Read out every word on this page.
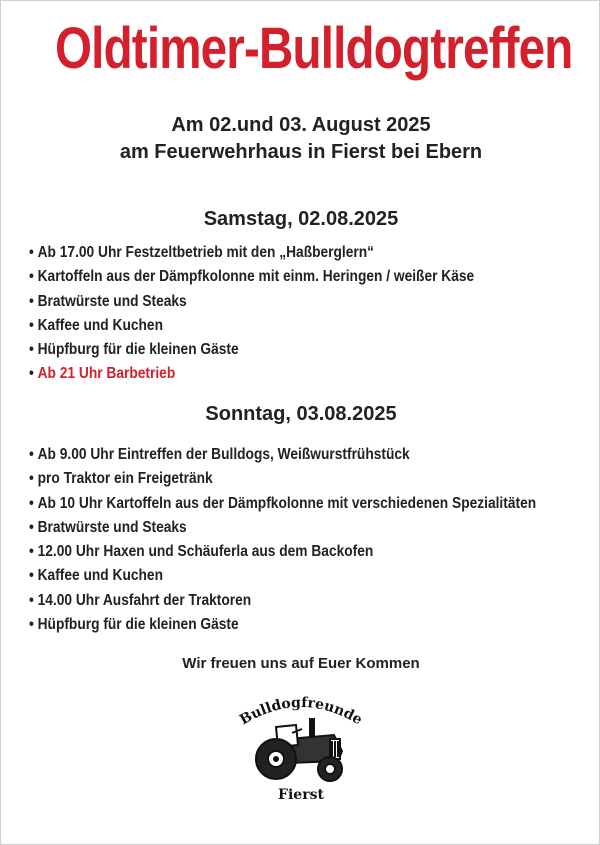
Oldtimer-Bulldogtreffen
Am 02.und 03. August 2025
am Feuerwehrhaus in Fierst bei Ebern
Samstag, 02.08.2025
• Ab 17.00 Uhr Festzeltbetrieb mit den „Haßberglern“
• Kartoffeln aus der Dämpfkolonne mit einm. Heringen / weißer Käse
• Bratwürste und Steaks
• Kaffee und Kuchen
• Hüpfburg für die kleinen Gäste
• Ab 21 Uhr Barbetrieb
Sonntag, 03.08.2025
• Ab 9.00 Uhr Eintreffen der Bulldogs, Weißwurstfrühstück
• pro Traktor ein Freigetränk
• Ab 10 Uhr Kartoffeln aus der Dämpfkolonne mit verschiedenen Spezialitäten
• Bratwürste und Steaks
• 12.00 Uhr Haxen und Schäuferla aus dem Backofen
• Kaffee und Kuchen
• 14.00 Uhr Ausfahrt der Traktoren
• Hüpfburg für die kleinen Gäste
Wir freuen uns auf Euer Kommen
Bulldogfreunde
Fierst
